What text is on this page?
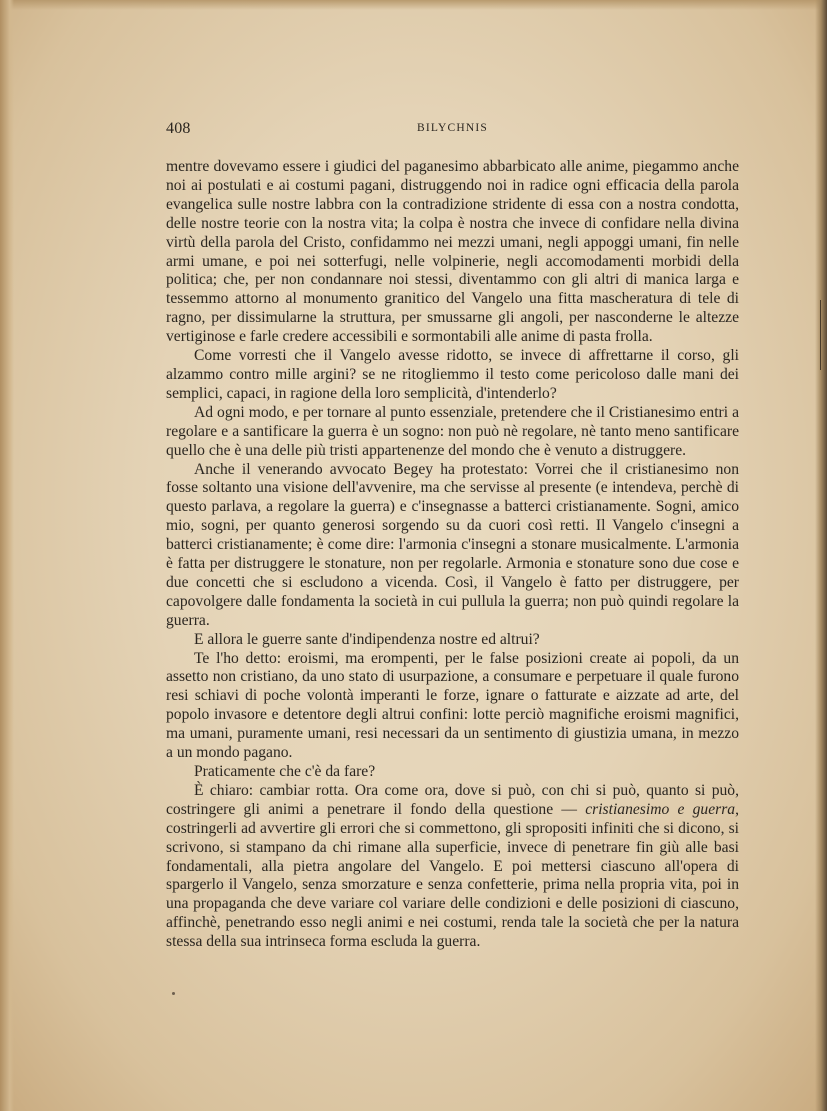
408	BILYCHNIS

mentre dovevamo essere i giudici del paganesimo abbarbicato alle anime, piegammo anche noi ai postulati e ai costumi pagani, distruggendo noi in radice ogni efficacia della parola evangelica sulle nostre labbra con la contradizione stridente di essa con a nostra condotta, delle nostre teorie con la nostra vita; la colpa è nostra che invece di confidare nella divina virtù della parola del Cristo, confidammo nei mezzi umani, negli appoggi umani, fin nelle armi umane, e poi nei sotterfugi, nelle volpinerie, negli accomodamenti morbidi della politica; che, per non condannare noi stessi, diventammo con gli altri di manica larga e tessemmo attorno al monumento granitico del Vangelo una fitta mascheratura di tele di ragno, per dissimularne la struttura, per smussarne gli angoli, per nasconderne le altezze vertiginose e farle credere accessibili e sormontabili alle anime di pasta frolla.

Come vorresti che il Vangelo avesse ridotto, se invece di affrettarne il corso, gli alzammo contro mille argini? se ne ritogliemmo il testo come pericoloso dalle mani dei semplici, capaci, in ragione della loro semplicità, d'intenderlo?

Ad ogni modo, e per tornare al punto essenziale, pretendere che il Cristianesimo entri a regolare e a santificare la guerra è un sogno: non può nè regolare, nè tanto meno santificare quello che è una delle più tristi appartenenze del mondo che è venuto a distruggere.

Anche il venerando avvocato Begey ha protestato: Vorrei che il cristianesimo non fosse soltanto una visione dell'avvenire, ma che servisse al presente (e intendeva, perchè di questo parlava, a regolare la guerra) e c'insegnasse a batterci cristianamente. Sogni, amico mio, sogni, per quanto generosi sorgendo su da cuori così retti. Il Vangelo c'insegni a batterci cristianamente; è come dire: l'armonia c'insegni a stonare musicalmente. L'armonia è fatta per distruggere le stonature, non per regolarle. Armonia e stonature sono due cose e due concetti che si escludono a vicenda. Così, il Vangelo è fatto per distruggere, per capovolgere dalle fondamenta la società in cui pullula la guerra; non può quindi regolare la guerra.

E allora le guerre sante d'indipendenza nostre ed altrui?

Te l'ho detto: eroismi, ma erompenti, per le false posizioni create ai popoli, da un assetto non cristiano, da uno stato di usurpazione, a consumare e perpetuare il quale furono resi schiavi di poche volontà imperanti le forze, ignare o fatturate e aizzate ad arte, del popolo invasore e detentore degli altrui confini: lotte perciò magnifiche eroismi magnifici, ma umani, puramente umani, resi necessari da un sentimento di giustizia umana, in mezzo a un mondo pagano.

Praticamente che c'è da fare?

È chiaro: cambiar rotta. Ora come ora, dove si può, con chi si può, quanto si può, costringere gli animi a penetrare il fondo della questione — cristianesimo e guerra, costringerli ad avvertire gli errori che si commettono, gli spropositi infiniti che si dicono, si scrivono, si stampano da chi rimane alla superficie, invece di penetrare fin giù alle basi fondamentali, alla pietra angolare del Vangelo. E poi mettersi ciascuno all'opera di spargerlo il Vangelo, senza smorzature e senza confetterie, prima nella propria vita, poi in una propaganda che deve variare col variare delle condizioni e delle posizioni di ciascuno, affinchè, penetrando esso negli animi e nei costumi, renda tale la società che per la natura stessa della sua intrinseca forma escluda la guerra.
